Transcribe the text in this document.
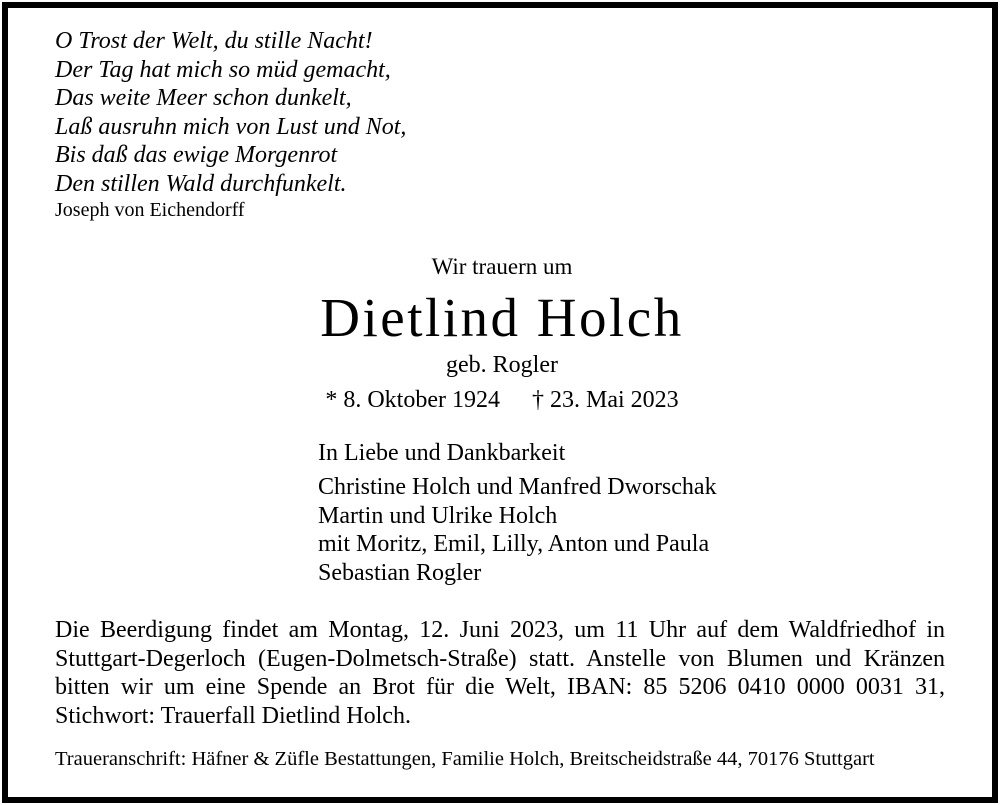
O Trost der Welt, du stille Nacht!
Der Tag hat mich so müd gemacht,
Das weite Meer schon dunkelt,
Laß ausruhn mich von Lust und Not,
Bis daß das ewige Morgenrot
Den stillen Wald durchfunkelt.
Joseph von Eichendorff
Wir trauern um
Dietlind Holch
geb. Rogler
* 8. Oktober 1924 † 23. Mai 2023
In Liebe und Dankbarkeit
Christine Holch und Manfred Dworschak
Martin und Ulrike Holch
mit Moritz, Emil, Lilly, Anton und Paula
Sebastian Rogler
Die Beerdigung findet am Montag, 12. Juni 2023, um 11 Uhr auf dem Waldfriedhof in
Stuttgart-Degerloch (Eugen-Dolmetsch-Straße) statt. Anstelle von Blumen und Kränzen
bitten wir um eine Spende an Brot für die Welt, IBAN: 85 5206 0410 0000 0031 31,
Stichwort: Trauerfall Dietlind Holch.
Traueranschrift: Häfner & Züfle Bestattungen, Familie Holch, Breitscheidstraße 44, 70176 Stuttgart
